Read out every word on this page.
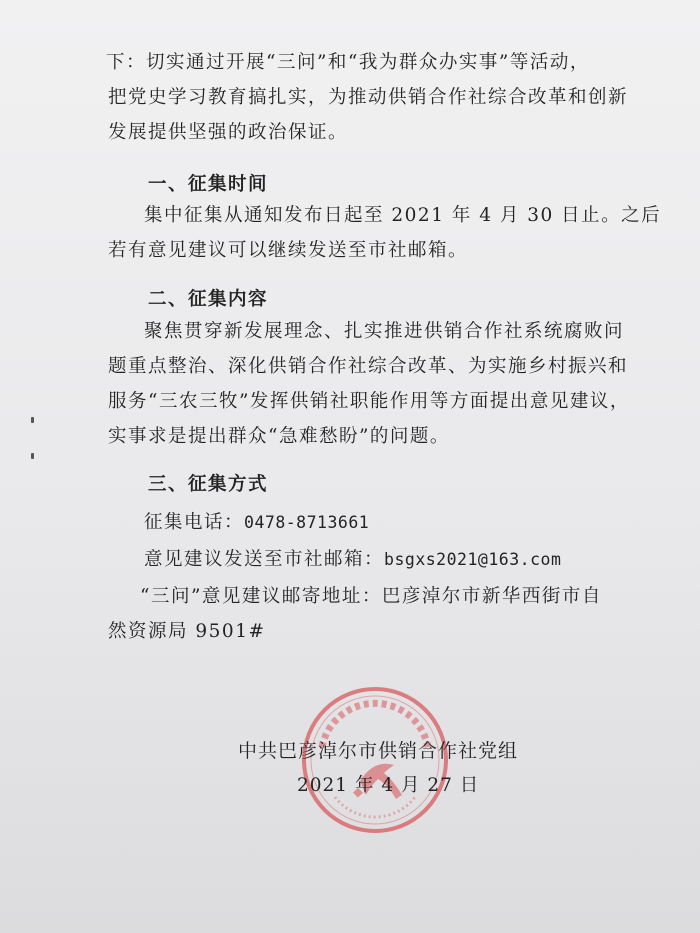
下：切实通过开展“三问”和“我为群众办实事”等活动，
把党史学习教育搞扎实，为推动供销合作社综合改革和创新
发展提供坚强的政治保证。
一、征集时间
集中征集从通知发布日起至 2021 年 4 月 30 日止。之后
若有意见建议可以继续发送至市社邮箱。
二、征集内容
聚焦贯穿新发展理念、扎实推进供销合作社系统腐败问
题重点整治、深化供销合作社综合改革、为实施乡村振兴和
服务“三农三牧”发挥供销社职能作用等方面提出意见建议，
实事求是提出群众“急难愁盼”的问题。
三、征集方式
征集电话：0478-8713661
意见建议发送至市社邮箱：bsgxs2021@163.com
“三问”意见建议邮寄地址：巴彦淖尔市新华西街市自
然资源局 9501#
中共巴彦淖尔市供销合作社党组
2021 年 4 月 27 日
